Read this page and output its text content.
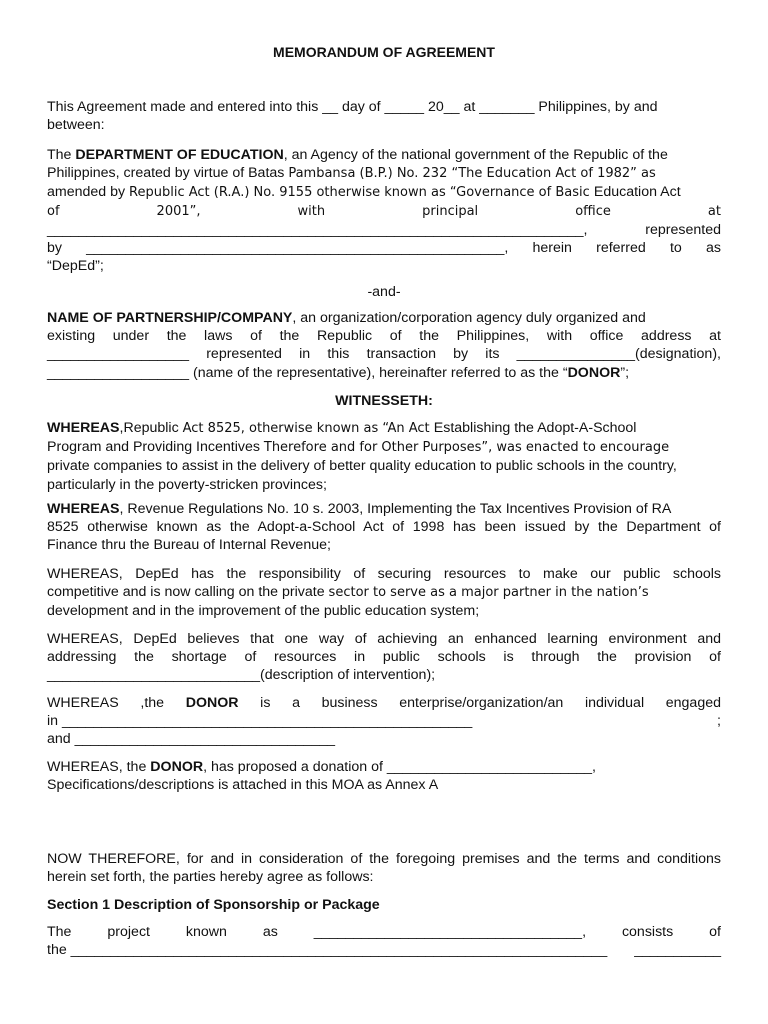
MEMORANDUM OF AGREEMENT
This Agreement made and entered into this __ day of _____ 20__ at _______ Philippines, by and
between:
The DEPARTMENT OF EDUCATION, an Agency of the national government of the Republic of the
Philippines, created by virtue of Batas Pambansa (B.P.) No. 232 “The Education Act of 1982” as
amended by Republic Act (R.A.) No. 9155 otherwise known as “Governance of Basic Education Act
of	2001”,	with	principal	office	at
____________________________________________________________________,	represented
by _____________________________________________________, herein referred to as
“DepEd”;
-and-
NAME OF PARTNERSHIP/COMPANY, an organization/corporation agency duly organized and
existing under the laws of the Republic of the Philippines, with office address at
__________________ represented in this transaction by its _______________(designation),
__________________ (name of the representative), hereinafter referred to as the “DONOR”;
WITNESSETH:
WHEREAS,Republic Act 8525, otherwise known as “An Act Establishing the Adopt-A-School
Program and Providing Incentives Therefore and for Other Purposes”, was enacted to encourage
private companies to assist in the delivery of better quality education to public schools in the country,
particularly in the poverty-stricken provinces;
WHEREAS, Revenue Regulations No. 10 s. 2003, Implementing the Tax Incentives Provision of RA
8525 otherwise known as the Adopt-a-School Act of 1998 has been issued by the Department of
Finance thru the Bureau of Internal Revenue;
WHEREAS, DepEd has the responsibility of securing resources to make our public schools
competitive and is now calling on the private sector to serve as a major partner in the nation’s
development and in the improvement of the public education system;
WHEREAS, DepEd believes that one way of achieving an enhanced learning environment and
addressing the shortage of resources in public schools is through the provision of
___________________________(description of intervention);
WHEREAS ,the DONOR is a business enterprise/organization/an individual engaged
in ____________________________________________________	;
and _________________________________
WHEREAS, the DONOR, has proposed a donation of __________________________,
Specifications/descriptions is attached in this MOA as Annex A
NOW THEREFORE, for and in consideration of the foregoing premises and the terms and conditions
herein set forth, the parties hereby agree as follows:
Section 1 Description of Sponsorship or Package
The	project	known	as	__________________________________,	consists	of
the ____________________________________________________________________ ___________
